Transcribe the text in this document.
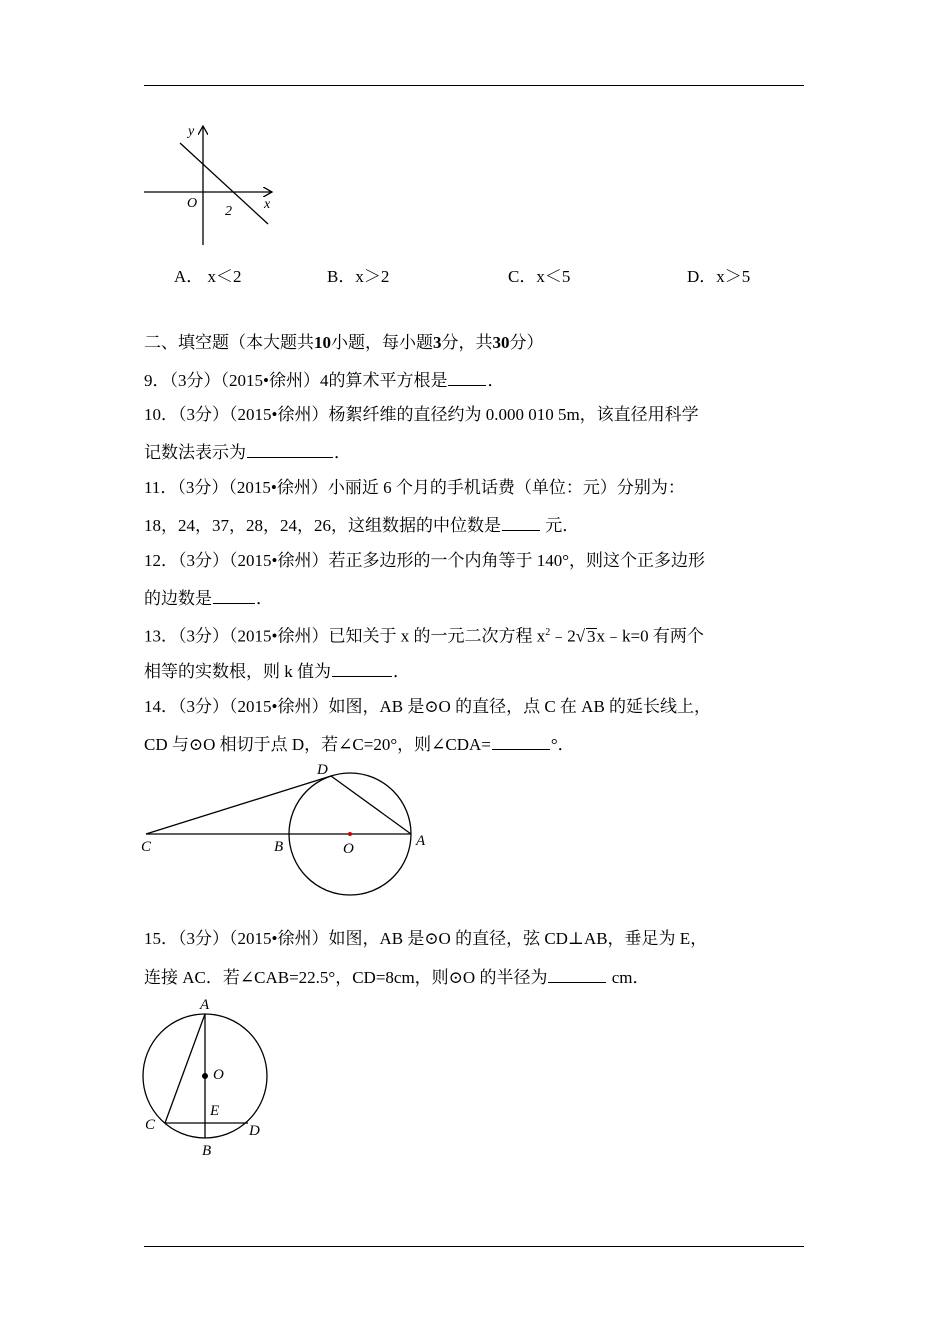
y
O	x
2
A． x＜2	B．x＞2	C．x＜5	D．x＞5
二、填空题（本大题共10小题，每小题3分，共30分）
9．（3分）（2015•徐州）4的算术平方根是 ．
10．（3分）（2015•徐州）杨絮纤维的直径约为 0.000 010 5m，该直径用科学
记数法表示为	．
11．（3分）（2015•徐州）小丽近 6 个月的手机话费（单位：元）分别为：
18，24，37，28，24，26，这组数据的中位数是 元．
12．（3分）（2015•徐州）若正多边形的一个内角等于 140°，则这个正多边形
的边数是	．
13．（3分）（2015•徐州）已知关于 x 的一元二次方程 $x^2﹣2√$ 3x﹣k=0 有两个
相等的实数根，则 k 值为	．
14．（3分）（2015•徐州）如图，AB 是⊙O 的直径，点 C 在 AB 的延长线上，
CD 与⊙O 相切于点 D，若∠C=20°，则∠CDA=	°．
D
C	B	O	A
15．（3分）（2015•徐州）如图，AB 是⊙O 的直径，弦 CD⊥AB，垂足为 E，
连接 AC．若∠CAB=22.5°，CD=8cm，则⊙O 的半径为	cm．
A
O
E
C	D
B
